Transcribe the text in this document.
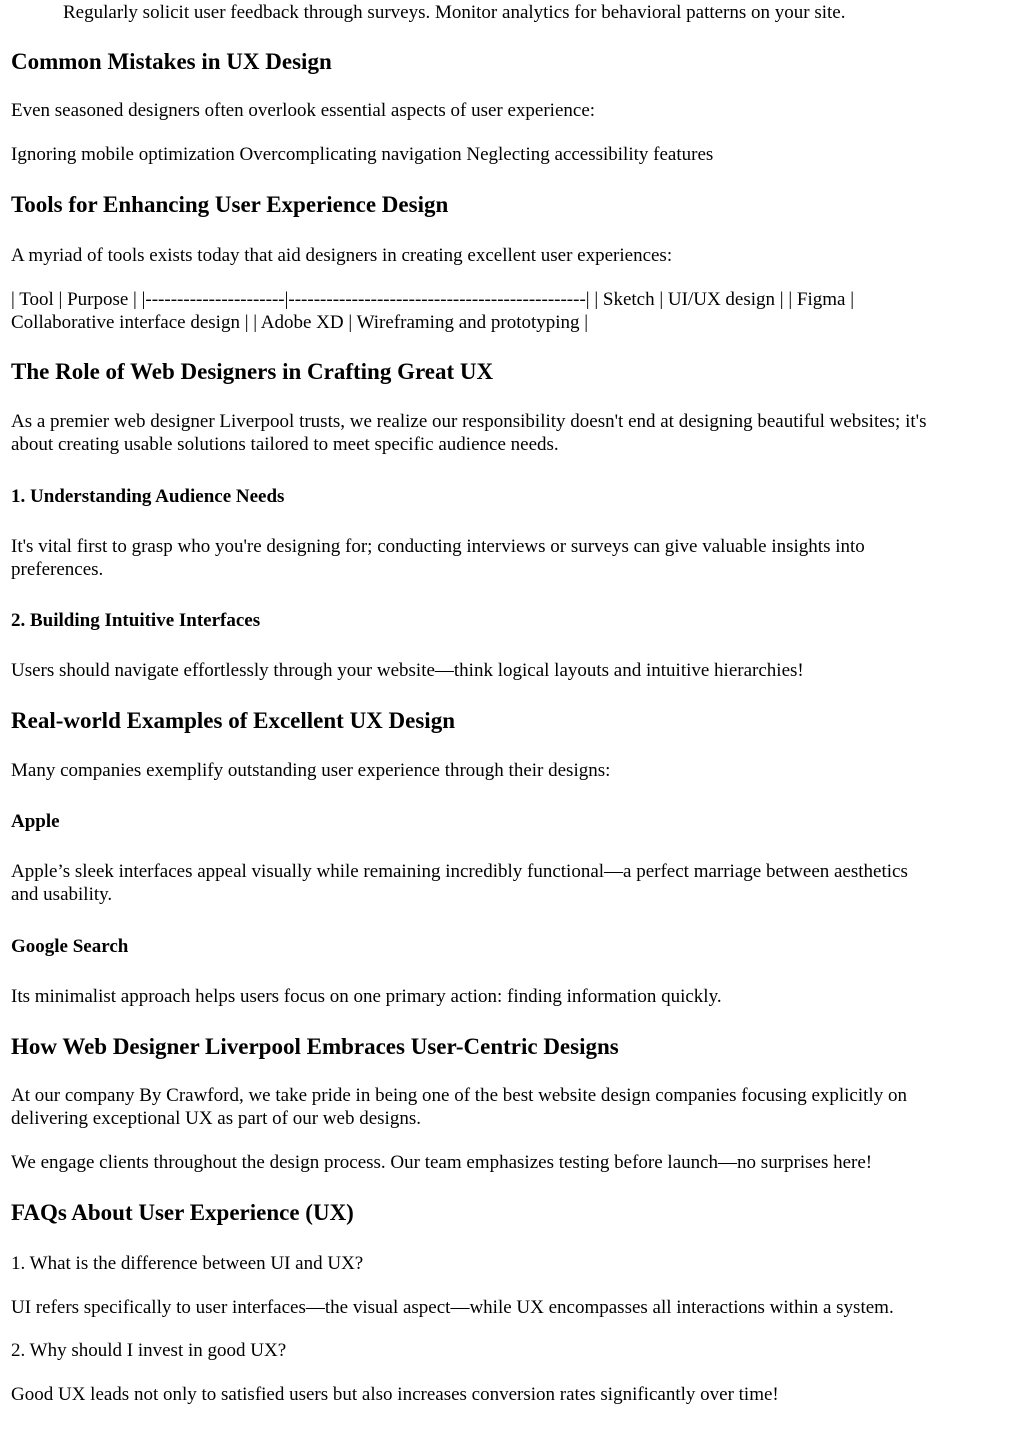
Regularly solicit user feedback through surveys. Monitor analytics for behavioral patterns on your site.

Common Mistakes in UX Design

Even seasoned designers often overlook essential aspects of user experience:

Ignoring mobile optimization Overcomplicating navigation Neglecting accessibility features

Tools for Enhancing User Experience Design

A myriad of tools exists today that aid designers in creating excellent user experiences:

| Tool | Purpose | |----------------------|-----------------------------------------------| | Sketch | UI/UX design | | Figma |

Collaborative interface design | | Adobe XD | Wireframing and prototyping |

The Role of Web Designers in Crafting Great UX

As a premier web designer Liverpool trusts, we realize our responsibility doesn't end at designing beautiful websites; it's

about creating usable solutions tailored to meet specific audience needs.

1. Understanding Audience Needs

It's vital first to grasp who you're designing for; conducting interviews or surveys can give valuable insights into

preferences.

2. Building Intuitive Interfaces

Users should navigate effortlessly through your website—think logical layouts and intuitive hierarchies!

Real-world Examples of Excellent UX Design

Many companies exemplify outstanding user experience through their designs:

Apple

Apple’s sleek interfaces appeal visually while remaining incredibly functional—a perfect marriage between aesthetics

and usability.

Google Search

Its minimalist approach helps users focus on one primary action: finding information quickly.

How Web Designer Liverpool Embraces User-Centric Designs

At our company By Crawford, we take pride in being one of the best website design companies focusing explicitly on

delivering exceptional UX as part of our web designs.

We engage clients throughout the design process. Our team emphasizes testing before launch—no surprises here!

FAQs About User Experience (UX)

1. What is the difference between UI and UX?

UI refers specifically to user interfaces—the visual aspect—while UX encompasses all interactions within a system.

2. Why should I invest in good UX?

Good UX leads not only to satisfied users but also increases conversion rates significantly over time!
